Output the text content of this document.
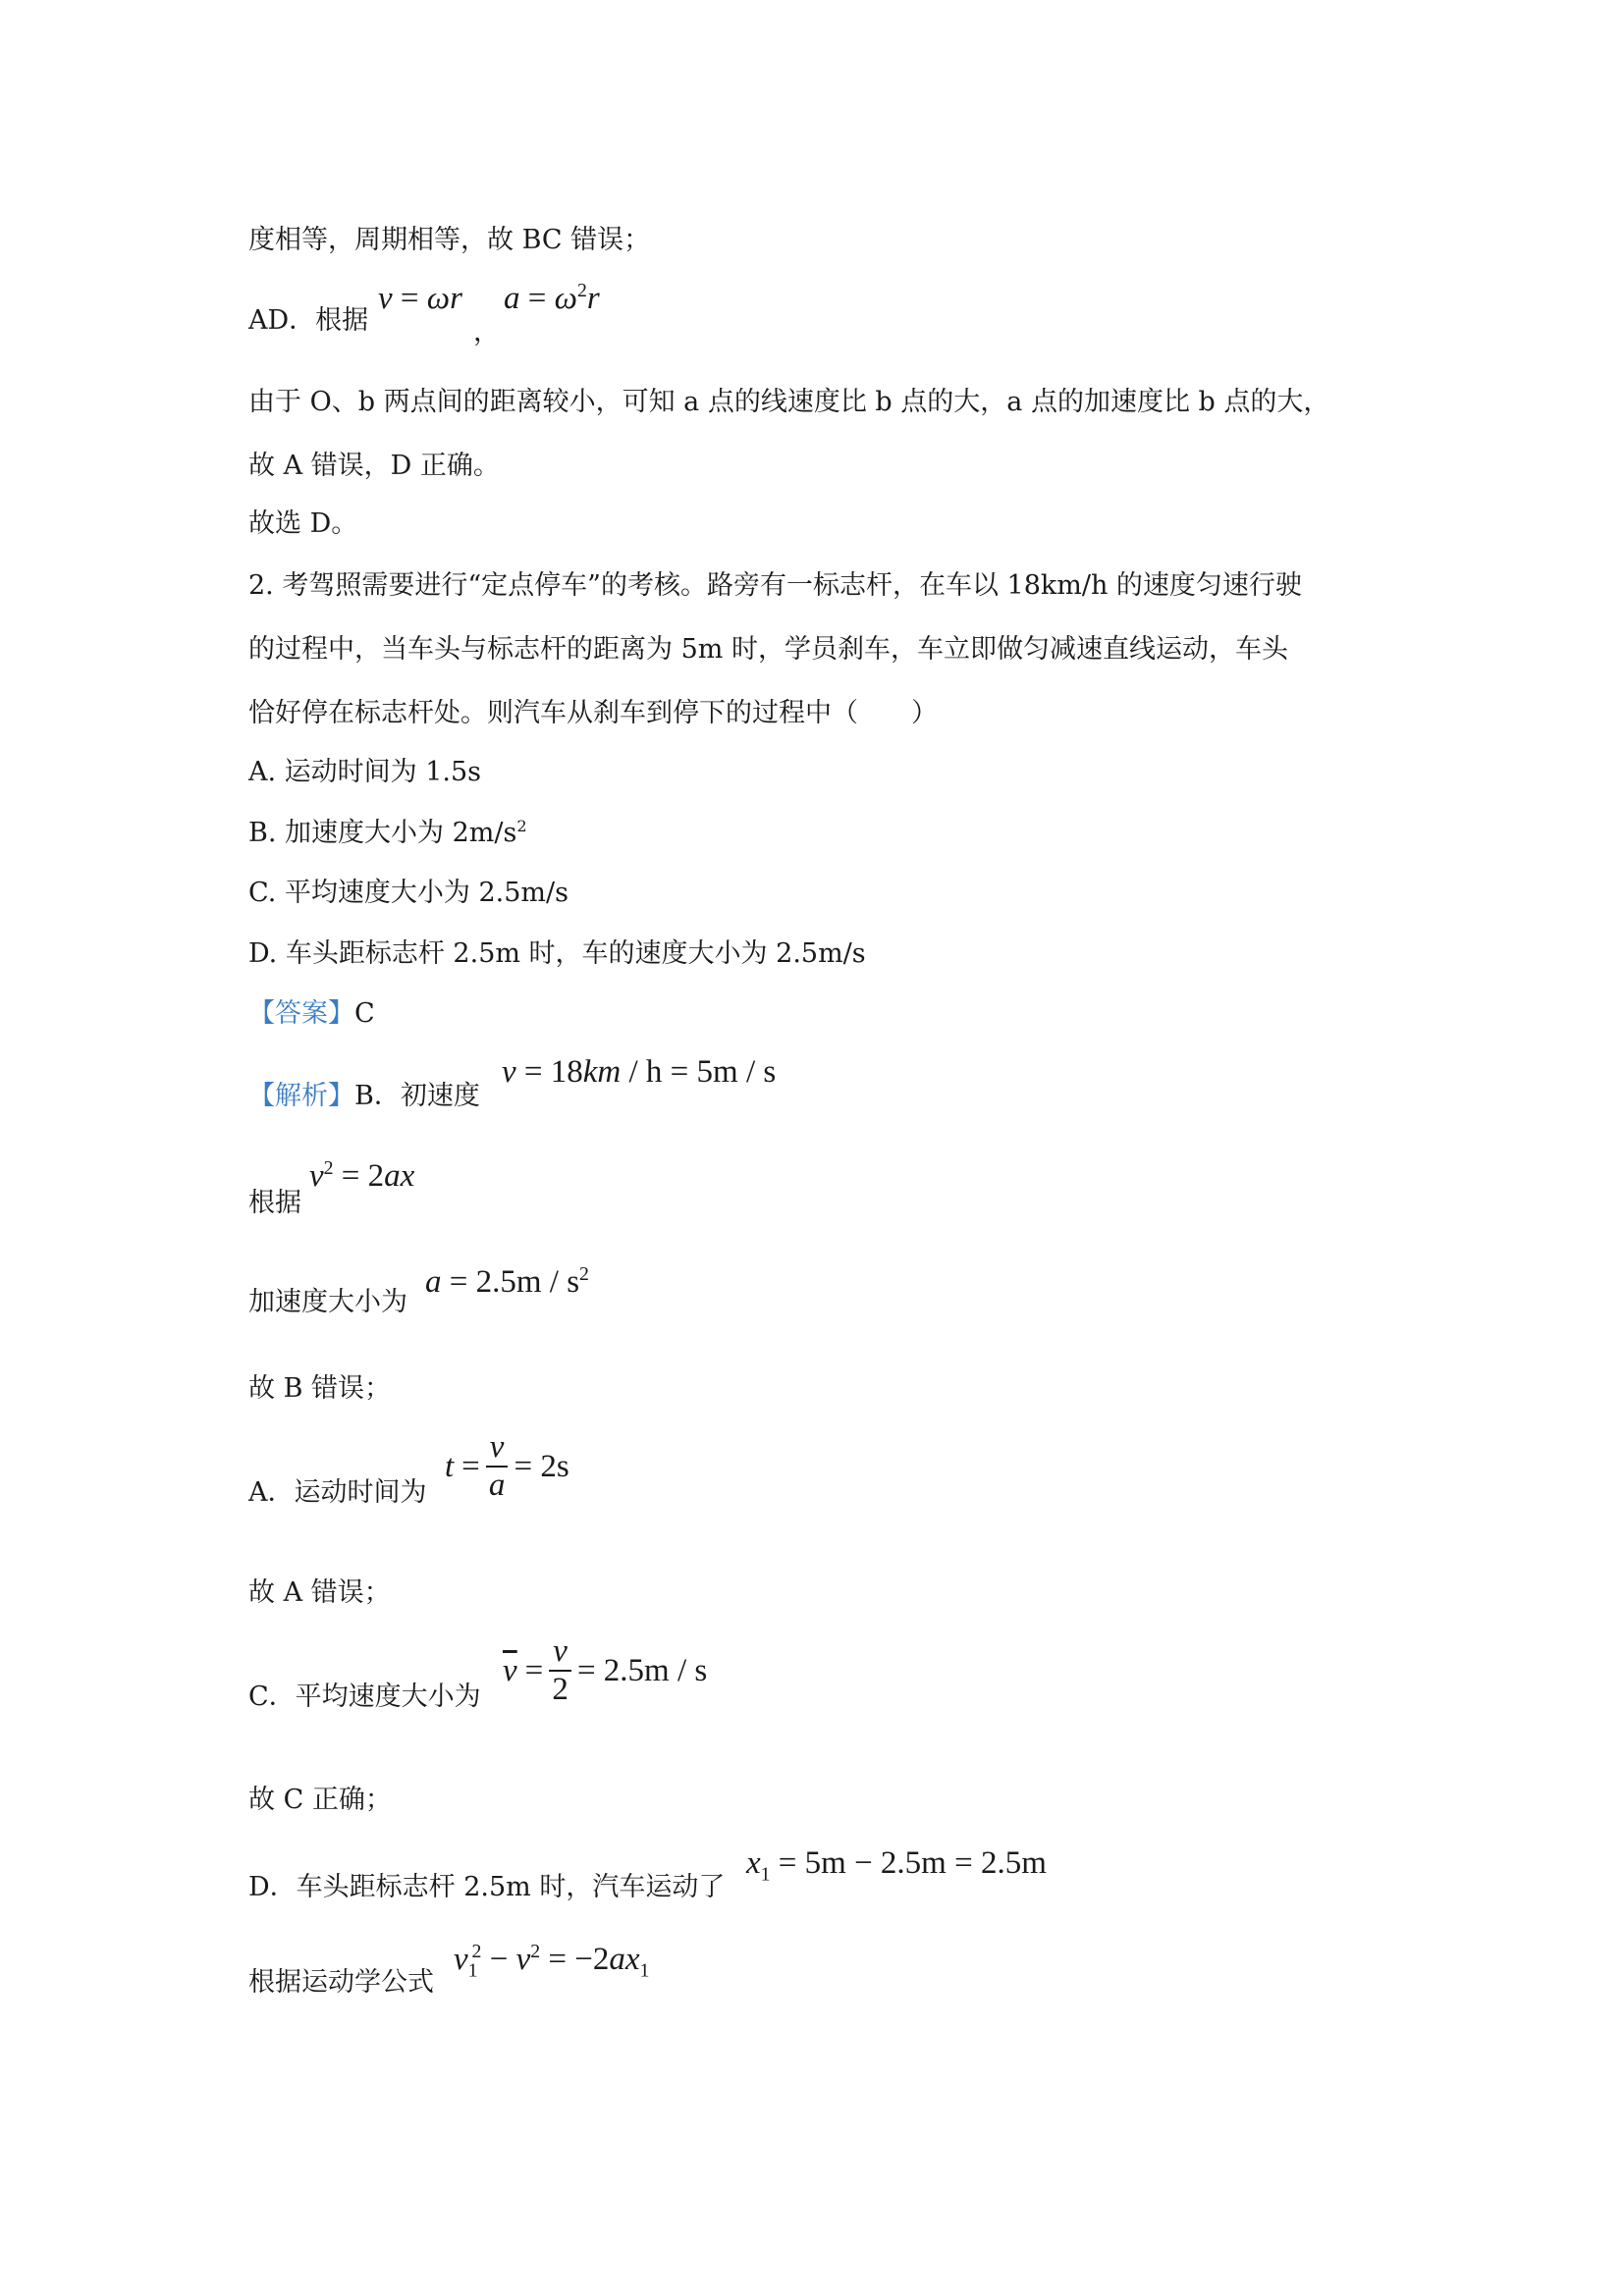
度相等，周期相等，故 BC 错误；
AD．根据
v = ωr
，
$a = \omega^2r$
由于 O、b 两点间的距离较小，可知 a 点的线速度比 b 点的大，a 点的加速度比 b 点的大，
故 A 错误，D 正确。
故选 D。
2. 考驾照需要进行“定点停车”的考核。路旁有一标志杆，在车以 18km/h 的速度匀速行驶
的过程中，当车头与标志杆的距离为 5m 时，学员刹车，车立即做匀减速直线运动，车头
恰好停在标志杆处。则汽车从刹车到停下的过程中（　　）
A. 运动时间为 1.5s
B. 加速度大小为 $2m/s^2$
C. 平均速度大小为 2.5m/s
D. 车头距标志杆 2.5m 时，车的速度大小为 2.5m/s
【答案】C
【解析】B．初速度
v = 18km / h = 5m / s
根据
$v^2 = 2ax$
加速度大小为
$a = 2.5m / s^2$
故 B 错误；
A．运动时间为
$t = \frac{v}{a} = 2s$
故 A 错误；
C．平均速度大小为
$\overline{v} = \frac{v}{2} = 2.5m / s$
故 C 正确；
D．车头距标志杆 2.5m 时，汽车运动了
$x_1 = 5m - 2.5m = 2.5m$
根据运动学公式
$v_1^2 - v^2 = -2ax_1$
